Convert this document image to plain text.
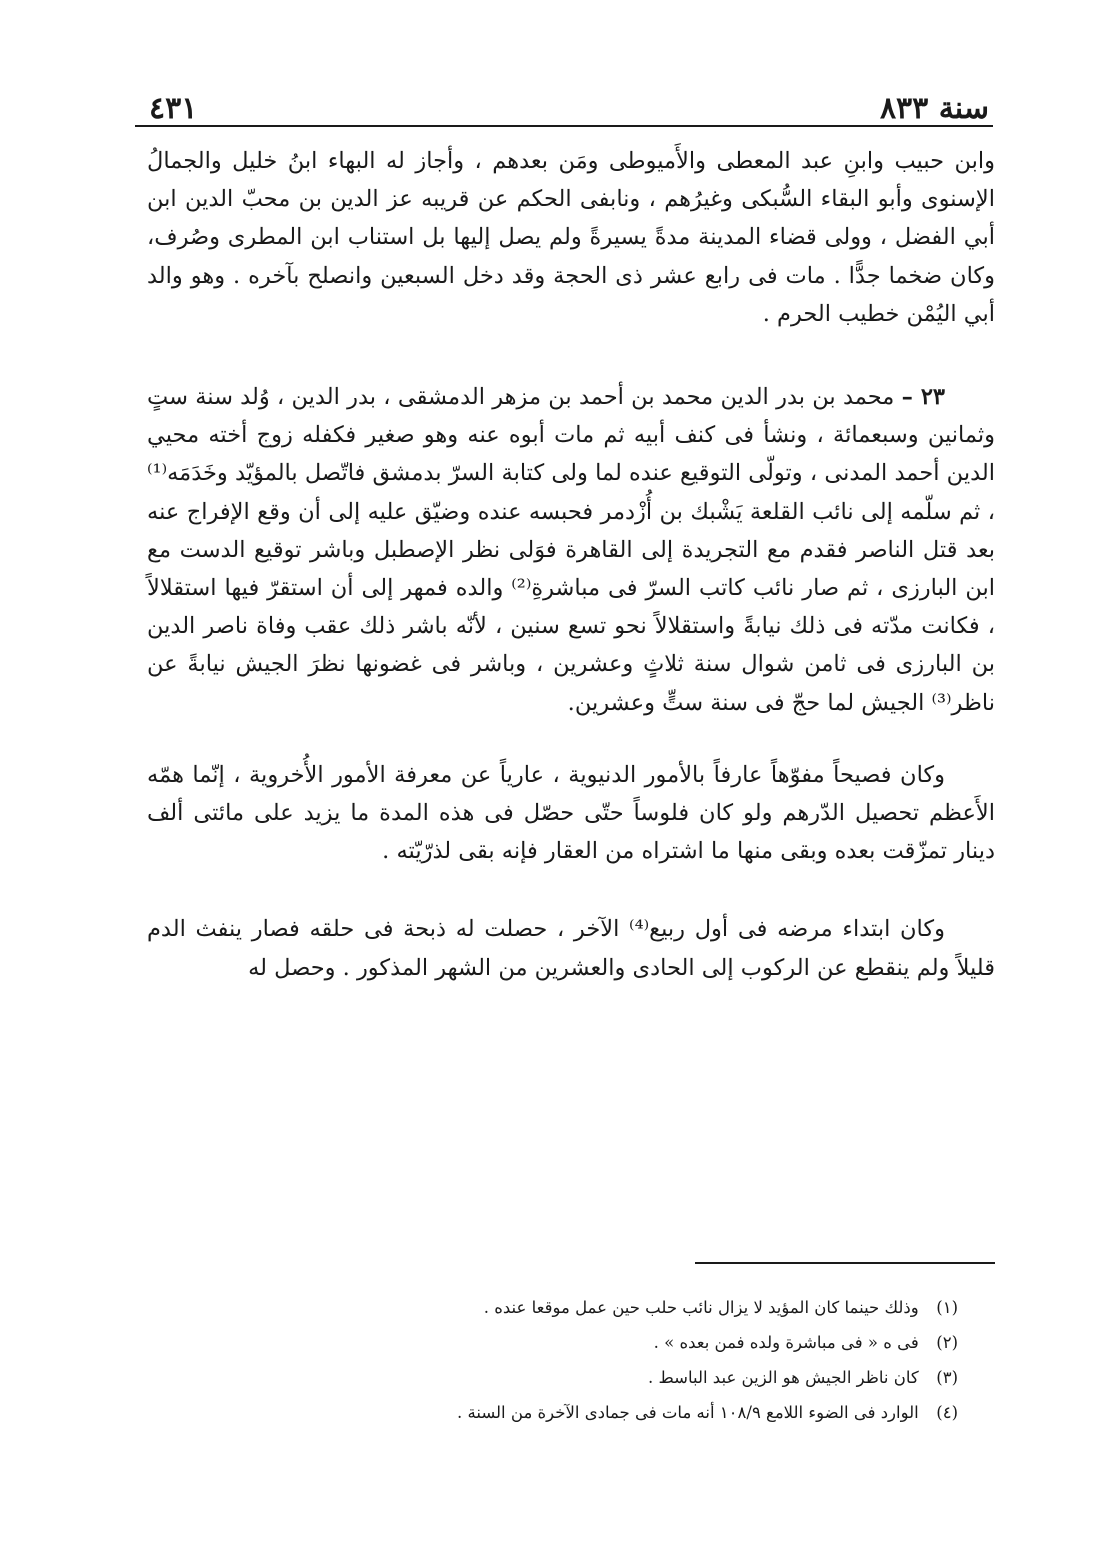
سنة ٨٣٣
٤٣١

وابن حبيب وابنِ عبد المعطى والأَميوطى ومَن بعدهم ، وأجاز له البهاء ابنُ خليل والجمالُ الإسنوى وأبو البقاء السُّبكى وغيرُهم ، ونابفى الحكم عن قريبه عز الدين بن محبّ الدين ابن أبي الفضل ، وولى قضاء المدينة مدةً يسيرةً ولم يصل إليها بل استناب ابن المطرى وصُرف، وكان ضخما جدًّا . مات فى رابع عشر ذى الحجة وقد دخل السبعين وانصلح بآخره . وهو والد أبي اليُمْن خطيب الحرم .

٢٣ – محمد بن بدر الدين محمد بن أحمد بن مزهر الدمشقى ، بدر الدين ، وُلد سنة ستٍ وثمانين وسبعمائة ، ونشأ فى كنف أبيه ثم مات أبوه عنه وهو صغير فكفله زوج أخته محيي الدين أحمد المدنى ، وتولّى التوقيع عنده لما ولى كتابة السرّ بدمشق فاتّصل بالمؤيّد وخَدَمَه⁽¹⁾ ، ثم سلّمه إلى نائب القلعة يَشْبك بن أُزْدمر فحبسه عنده وضيّق عليه إلى أن وقع الإفراج عنه بعد قتل الناصر فقدم مع التجريدة إلى القاهرة فوَلى نظر الإصطبل وباشر توقيع الدست مع ابن البارزى ، ثم صار نائب كاتب السرّ فى مباشرةِ⁽²⁾ والده فمهر إلى أن استقرّ فيها استقلالاً ، فكانت مدّته فى ذلك نيابةً واستقلالاً نحو تسع سنين ، لأنّه باشر ذلك عقب وفاة ناصر الدين بن البارزى فى ثامن شوال سنة ثلاثٍ وعشرين ، وباشر فى غضونها نظرَ الجيش نيابةً عن ناظر⁽³⁾ الجيش لما حجّ فى سنة ستٍّ وعشرين.

وكان فصيحاً مفوّهاً عارفاً بالأمور الدنيوية ، عارياً عن معرفة الأمور الأُخروية ، إنّما همّه الأَعظم تحصيل الدّرهم ولو كان فلوساً حتّى حصّل فى هذه المدة ما يزيد على مائتى ألف دينار تمزّقت بعده وبقى منها ما اشتراه من العقار فإنه بقى لذرّيّته .

وكان ابتداء مرضه فى أول ربيع⁽⁴⁾ الآخر ، حصلت له ذبحة فى حلقه فصار ينفث الدم قليلاً ولم ينقطع عن الركوب إلى الحادى والعشرين من الشهر المذكور . وحصل له

(١) وذلك حينما كان المؤيد لا يزال نائب حلب حين عمل موقعا عنده .

(٢) فى ه « فى مباشرة ولده فمن بعده » .

(٣) كان ناظر الجيش هو الزين عبد الباسط .

(٤) الوارد فى الضوء اللامع ١٠٨/٩ أنه مات فى جمادى الآخرة من السنة .
